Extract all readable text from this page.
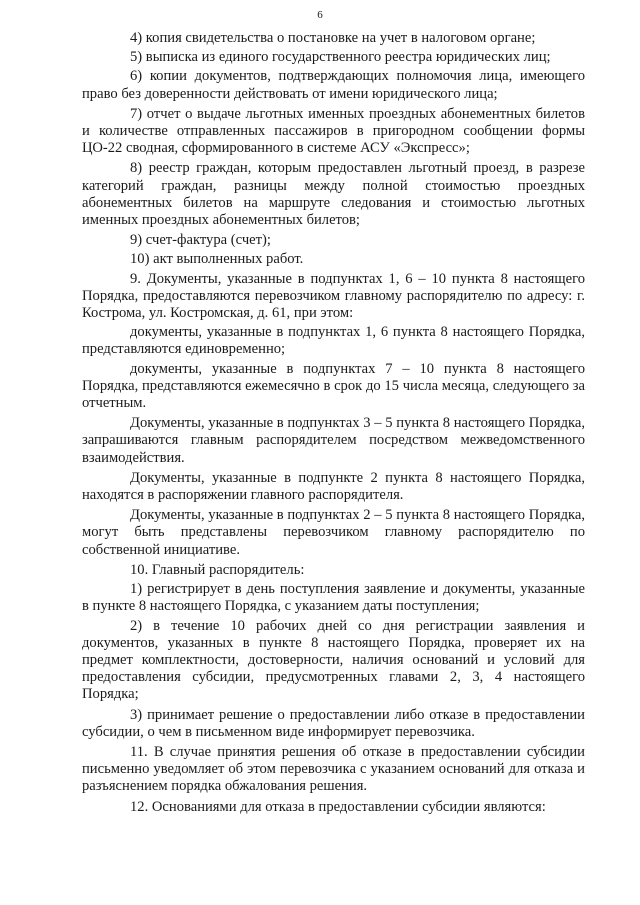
6

4) копия свидетельства о постановке на учет в налоговом органе;

5) выписка из единого государственного реестра юридических лиц;

6) копии документов, подтверждающих полномочия лица, имеющего право без доверенности действовать от имени юридического лица;

7) отчет о выдаче льготных именных проездных абонементных билетов и количестве отправленных пассажиров в пригородном сообщении формы ЦО-22 сводная, сформированного в системе АСУ «Экспресс»;

8) реестр граждан, которым предоставлен льготный проезд, в разрезе категорий граждан, разницы между полной стоимостью проездных абонементных билетов на маршруте следования и стоимостью льготных именных проездных абонементных билетов;

9) счет-фактура (счет);

10) акт выполненных работ.

9. Документы, указанные в подпунктах 1, 6 – 10 пункта 8 настоящего Порядка, предоставляются перевозчиком главному распорядителю по адресу: г. Кострома, ул. Костромская, д. 61, при этом:

документы, указанные в подпунктах 1, 6 пункта 8 настоящего Порядка, представляются единовременно;

документы, указанные в подпунктах 7 – 10 пункта 8 настоящего Порядка, представляются ежемесячно в срок до 15 числа месяца, следующего за отчетным.

Документы, указанные в подпунктах 3 – 5 пункта 8 настоящего Порядка, запрашиваются главным распорядителем посредством межведомственного взаимодействия.

Документы, указанные в подпункте 2 пункта 8 настоящего Порядка, находятся в распоряжении главного распорядителя.

Документы, указанные в подпунктах 2 – 5 пункта 8 настоящего Порядка, могут быть представлены перевозчиком главному распорядителю по собственной инициативе.

10. Главный распорядитель:

1) регистрирует в день поступления заявление и документы, указанные в пункте 8 настоящего Порядка, с указанием даты поступления;

2) в течение 10 рабочих дней со дня регистрации заявления и документов, указанных в пункте 8 настоящего Порядка, проверяет их на предмет комплектности, достоверности, наличия оснований и условий для предоставления субсидии, предусмотренных главами 2, 3, 4 настоящего Порядка;

3) принимает решение о предоставлении либо отказе в предоставлении субсидии, о чем в письменном виде информирует перевозчика.

11. В случае принятия решения об отказе в предоставлении субсидии письменно уведомляет об этом перевозчика с указанием оснований для отказа и разъяснением порядка обжалования решения.

12. Основаниями для отказа в предоставлении субсидии являются:
